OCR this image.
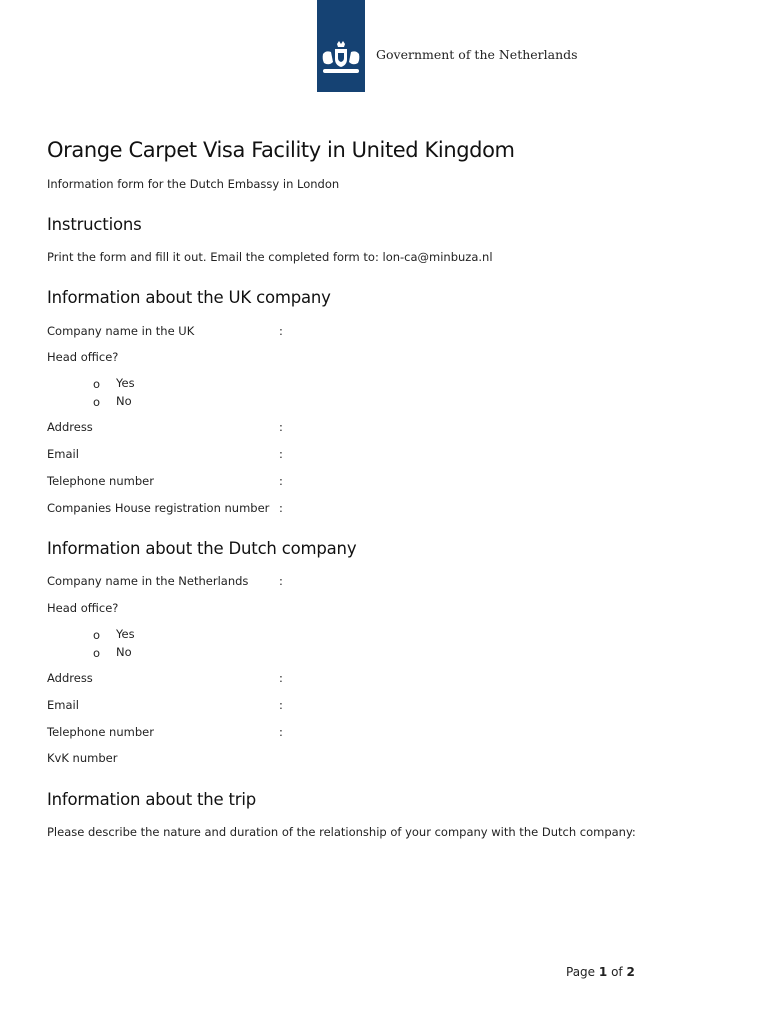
Government of the Netherlands
Orange Carpet Visa Facility in United Kingdom
Information form for the Dutch Embassy in London
Instructions
Print the form and fill it out. Email the completed form to: lon-ca@minbuza.nl
Information about the UK company
Company name in the UK	:
Head office?
o Yes
o No
Address	:
Email	:
Telephone number	:
Companies House registration number :
Information about the Dutch company
Company name in the Netherlands	:
Head office?
o Yes
o No
Address	:
Email	:
Telephone number	:
KvK number
Information about the trip
Please describe the nature and duration of the relationship of your company with the Dutch company:
Page 1 of 2
